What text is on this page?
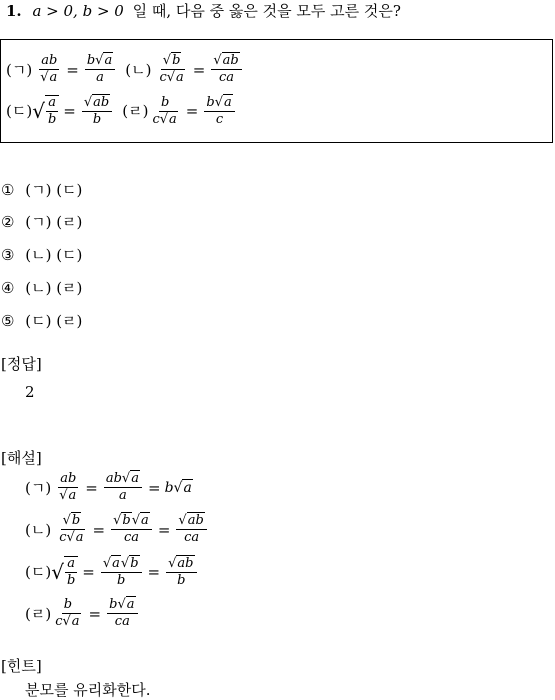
1. a > 0, b > 0 일 때, 다음 중 옳은 것을 모두 고른 것은?
(ㄱ) $\frac{ab}{√a} = \frac{b√a}{a}$ (ㄴ) $\frac{√b}{c√a} = \frac{√ab}{ca}$
(ㄷ) √ $\frac{a}{b} = \frac{√ab}{b}$ (ㄹ) $\frac{b}{c√a} = \frac{b√a}{c}$
① (ㄱ) (ㄷ)
② (ㄱ) (ㄹ)
③ (ㄴ) (ㄷ)
④ (ㄴ) (ㄹ)
⑤ (ㄷ) (ㄹ)
[정답]
2
[해설]
(ㄱ) $\frac{ab}{√a} = \frac{ab√a}{a} = b√a$
(ㄴ) $\frac{√b}{c√a} = \frac{√b√a}{ca} = \frac{√ab}{ca}$
(ㄷ) √ $\frac{a}{b} = \frac{√a√b}{b} = \frac{√ab}{b}$
(ㄹ) $\frac{b}{c√a} = \frac{b√a}{ca}$
[힌트]
분모를 유리화한다.
